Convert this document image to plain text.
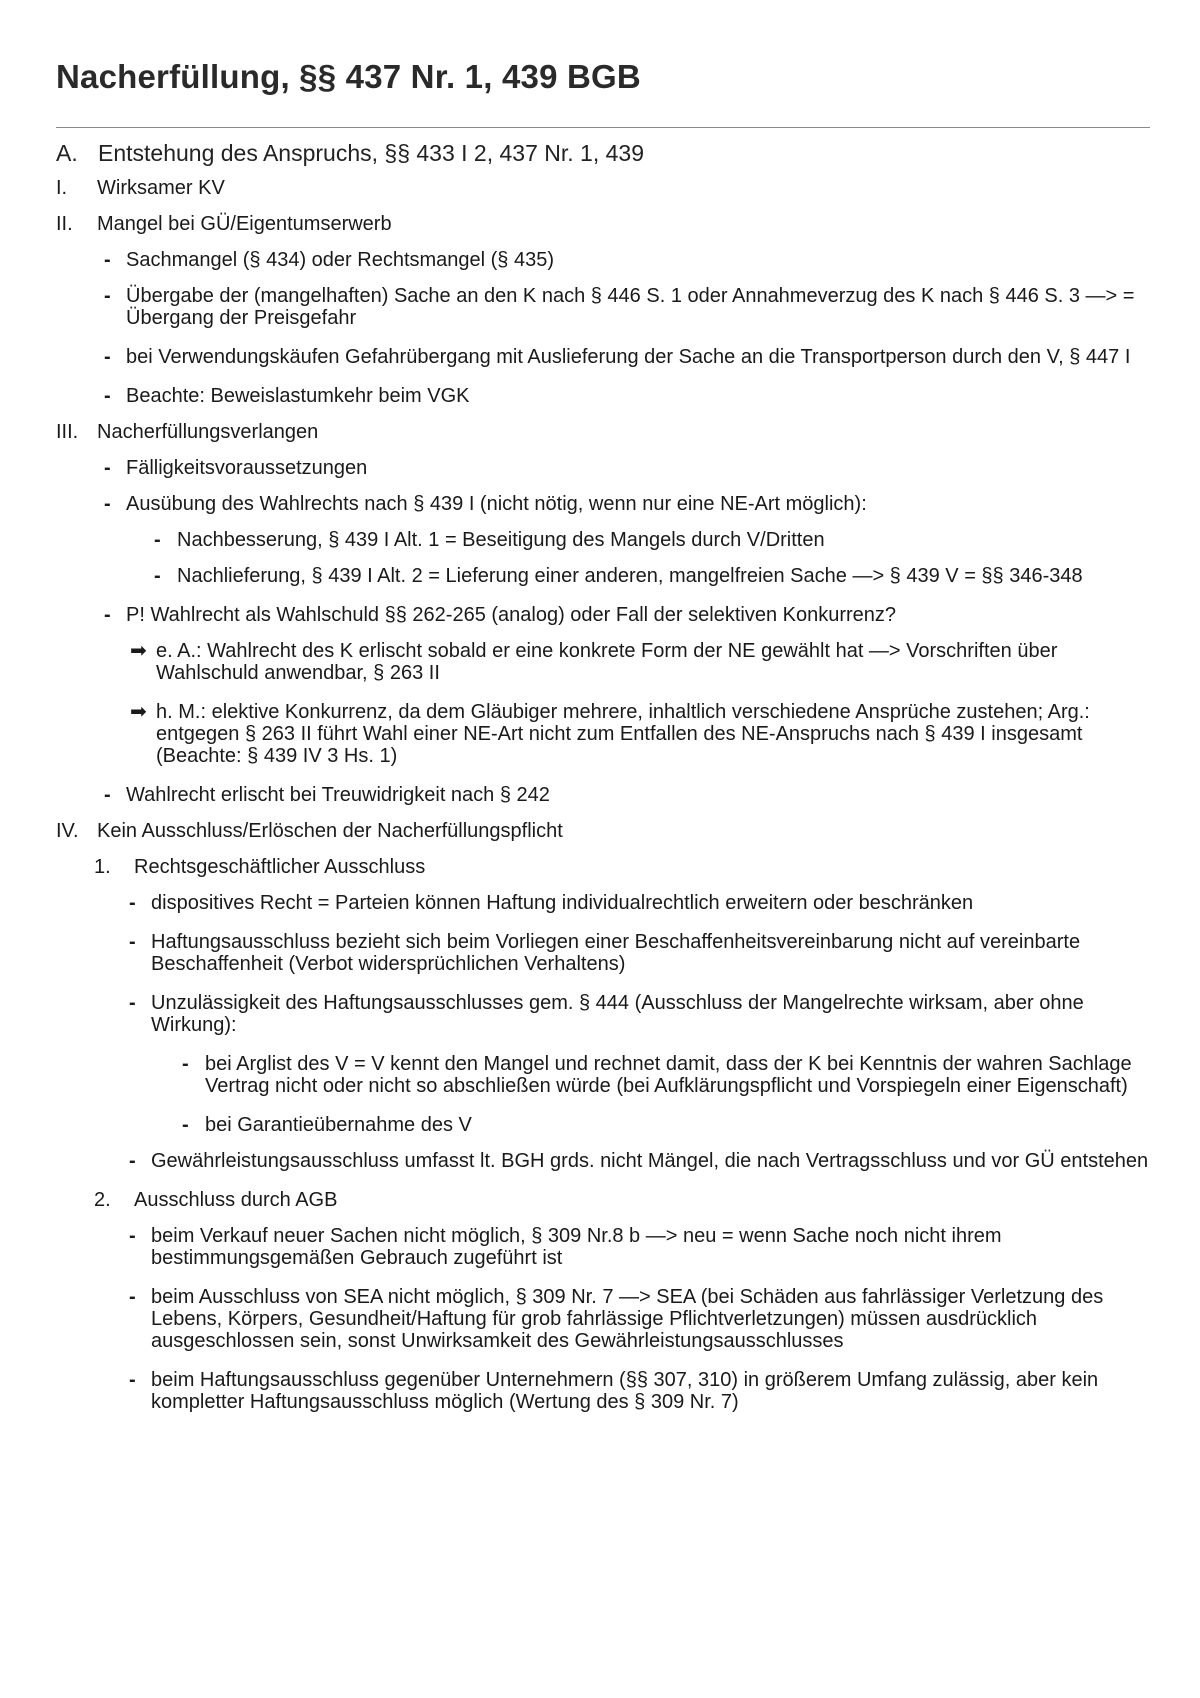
Nacherfüllung, §§ 437 Nr. 1, 439 BGB
A. Entstehung des Anspruchs, §§ 433 I 2, 437 Nr. 1, 439
I.	Wirksamer KV
II.	Mangel bei GÜ/Eigentumserwerb
- Sachmangel (§ 434) oder Rechtsmangel (§ 435)
- Übergabe der (mangelhaften) Sache an den K nach § 446 S. 1 oder Annahmeverzug des K nach § 446 S. 3 —> = Übergang der Preisgefahr
- bei Verwendungskäufen Gefahrübergang mit Auslieferung der Sache an die Transportperson durch den V, § 447 I
- Beachte: Beweislastumkehr beim VGK
III. Nacherfüllungsverlangen
- Fälligkeitsvoraussetzungen
- Ausübung des Wahlrechts nach § 439 I (nicht nötig, wenn nur eine NE-Art möglich):
- Nachbesserung, § 439 I Alt. 1 = Beseitigung des Mangels durch V/Dritten
- Nachlieferung, § 439 I Alt. 2 = Lieferung einer anderen, mangelfreien Sache —> § 439 V = §§ 346-348
- P! Wahlrecht als Wahlschuld §§ 262-265 (analog) oder Fall der selektiven Konkurrenz?
➡ e. A.: Wahlrecht des K erlischt sobald er eine konkrete Form der NE gewählt hat —> Vorschriften über Wahlschuld anwendbar, § 263 II
➡ h. M.: elektive Konkurrenz, da dem Gläubiger mehrere, inhaltlich verschiedene Ansprüche zustehen; Arg.: entgegen § 263 II führt Wahl einer NE-Art nicht zum Entfallen des NE-Anspruchs nach § 439 I insgesamt (Beachte: § 439 IV 3 Hs. 1)
- Wahlrecht erlischt bei Treuwidrigkeit nach § 242
IV. Kein Ausschluss/Erlöschen der Nacherfüllungspflicht
1.	Rechtsgeschäftlicher Ausschluss
- dispositives Recht = Parteien können Haftung individualrechtlich erweitern oder beschränken
- Haftungsausschluss bezieht sich beim Vorliegen einer Beschaffenheitsvereinbarung nicht auf vereinbarte Beschaffenheit (Verbot widersprüchlichen Verhaltens)
- Unzulässigkeit des Haftungsausschlusses gem. § 444 (Ausschluss der Mangelrechte wirksam, aber ohne Wirkung):
- bei Arglist des V = V kennt den Mangel und rechnet damit, dass der K bei Kenntnis der wahren Sachlage Vertrag nicht oder nicht so abschließen würde (bei Aufklärungspflicht und Vorspiegeln einer Eigenschaft)
- bei Garantieübernahme des V
- Gewährleistungsausschluss umfasst lt. BGH grds. nicht Mängel, die nach Vertragsschluss und vor GÜ entstehen
2.	Ausschluss durch AGB
- beim Verkauf neuer Sachen nicht möglich, § 309 Nr.8 b —> neu = wenn Sache noch nicht ihrem bestimmungsgemäßen Gebrauch zugeführt ist
- beim Ausschluss von SEA nicht möglich, § 309 Nr. 7 —> SEA (bei Schäden aus fahrlässiger Verletzung des Lebens, Körpers, Gesundheit/Haftung für grob fahrlässige Pflichtverletzungen) müssen ausdrücklich ausgeschlossen sein, sonst Unwirksamkeit des Gewährleistungsausschlusses
- beim Haftungsausschluss gegenüber Unternehmern (§§ 307, 310) in größerem Umfang zulässig, aber kein kompletter Haftungsausschluss möglich (Wertung des § 309 Nr. 7)
